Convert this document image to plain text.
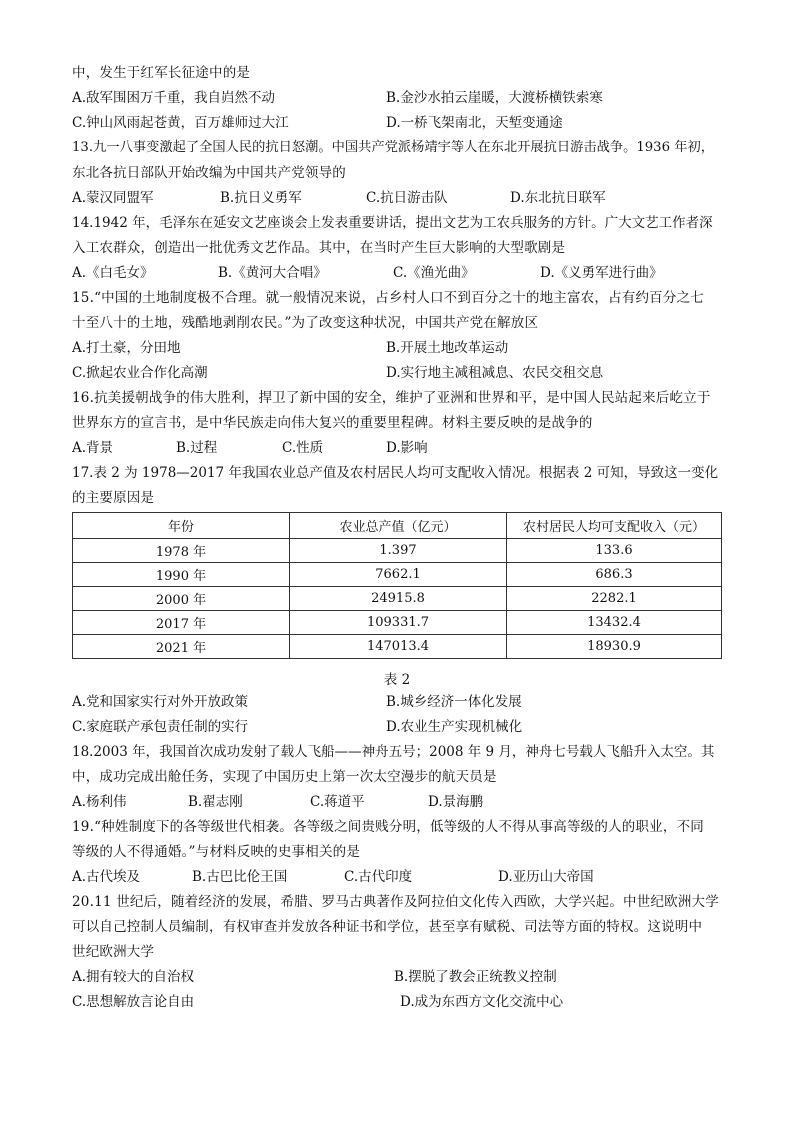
中，发生于红军长征途中的是
A.敌军围困万千重，我自岿然不动	B.金沙水拍云崖暖，大渡桥横铁索寒
C.钟山风雨起苍黄，百万雄师过大江	D.一桥飞架南北，天堑变通途
13.九一八事变激起了全国人民的抗日怒潮。中国共产党派杨靖宇等人在东北开展抗日游击战争。1936 年初，
东北各抗日部队开始改编为中国共产党领导的
A.蒙汉同盟军	B.抗日义勇军	C.抗日游击队	D.东北抗日联军
14.1942 年，毛泽东在延安文艺座谈会上发表重要讲话，提出文艺为工农兵服务的方针。广大文艺工作者深
入工农群众，创造出一批优秀文艺作品。其中，在当时产生巨大影响的大型歌剧是
A.《白毛女》	B.《黄河大合唱》	C.《渔光曲》	D.《义勇军进行曲》
15.“中国的土地制度极不合理。就一般情况来说，占乡村人口不到百分之十的地主富农，占有约百分之七
十至八十的土地，残酷地剥削农民。”为了改变这种状况，中国共产党在解放区
A.打土豪，分田地	B.开展土地改革运动
C.掀起农业合作化高潮	D.实行地主减租减息、农民交租交息
16.抗美援朝战争的伟大胜利，捍卫了新中国的安全，维护了亚洲和世界和平，是中国人民站起来后屹立于
世界东方的宣言书，是中华民族走向伟大复兴的重要里程碑。材料主要反映的是战争的
A.背景	B.过程	C.性质	D.影响
17.表 2 为 1978—2017 年我国农业总产值及农村居民人均可支配收入情况。根据表 2 可知，导致这一变化
的主要原因是
年份	农业总产值（亿元）	农村居民人均可支配收入（元）
1978 年	1.397	133.6
1990 年	7662.1	686.3
2000 年	24915.8	2282.1
2017 年	109331.7	13432.4
2021 年	147013.4	18930.9
表 2
A.党和国家实行对外开放政策	B.城乡经济一体化发展
C.家庭联产承包责任制的实行	D.农业生产实现机械化
18.2003 年，我国首次成功发射了载人飞船——神舟五号；2008 年 9 月，神舟七号载人飞船升入太空。其
中，成功完成出舱任务，实现了中国历史上第一次太空漫步的航天员是
A.杨利伟	B.翟志刚	C.蒋道平	D.景海鹏
19.“种姓制度下的各等级世代相袭。各等级之间贵贱分明，低等级的人不得从事高等级的人的职业，不同
等级的人不得通婚。”与材料反映的史事相关的是
A.古代埃及	B.古巴比伦王国	C.古代印度	D.亚历山大帝国
20.11 世纪后，随着经济的发展，希腊、罗马古典著作及阿拉伯文化传入西欧，大学兴起。中世纪欧洲大学
可以自己控制人员编制，有权审查并发放各种证书和学位，甚至享有赋税、司法等方面的特权。这说明中
世纪欧洲大学
A.拥有较大的自治权	B.摆脱了教会正统教义控制
C.思想解放言论自由	D.成为东西方文化交流中心
